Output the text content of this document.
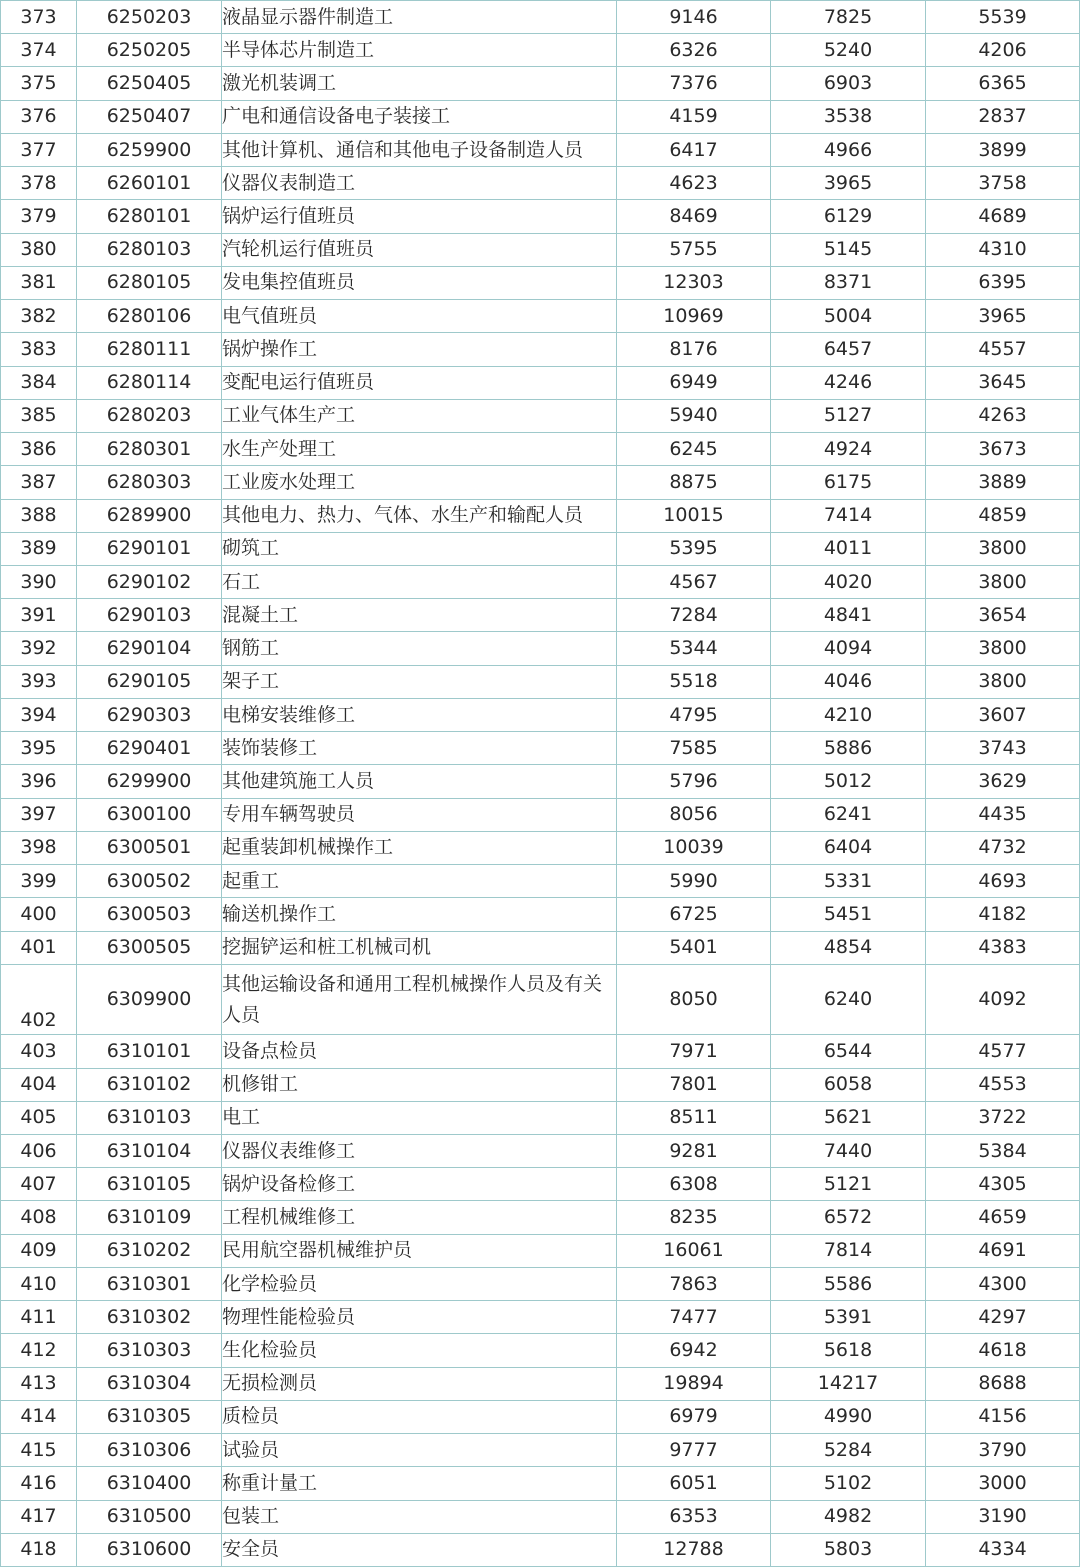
373	6250203	液晶显示器件制造工	9146	7825	5539
374	6250205	半导体芯片制造工	6326	5240	4206
375	6250405	激光机装调工	7376	6903	6365
376	6250407	广电和通信设备电子装接工	4159	3538	2837
377	6259900	其他计算机、通信和其他电子设备制造人员	6417	4966	3899
378	6260101	仪器仪表制造工	4623	3965	3758
379	6280101	锅炉运行值班员	8469	6129	4689
380	6280103	汽轮机运行值班员	5755	5145	4310
381	6280105	发电集控值班员	12303	8371	6395
382	6280106	电气值班员	10969	5004	3965
383	6280111	锅炉操作工	8176	6457	4557
384	6280114	变配电运行值班员	6949	4246	3645
385	6280203	工业气体生产工	5940	5127	4263
386	6280301	水生产处理工	6245	4924	3673
387	6280303	工业废水处理工	8875	6175	3889
388	6289900	其他电力、热力、气体、水生产和输配人员	10015	7414	4859
389	6290101	砌筑工	5395	4011	3800
390	6290102	石工	4567	4020	3800
391	6290103	混凝土工	7284	4841	3654
392	6290104	钢筋工	5344	4094	3800
393	6290105	架子工	5518	4046	3800
394	6290303	电梯安装维修工	4795	4210	3607
395	6290401	装饰装修工	7585	5886	3743
396	6299900	其他建筑施工人员	5796	5012	3629
397	6300100	专用车辆驾驶员	8056	6241	4435
398	6300501	起重装卸机械操作工	10039	6404	4732
399	6300502	起重工	5990	5331	4693
400	6300503	输送机操作工	6725	5451	4182
401	6300505	挖掘铲运和桩工机械司机	5401	4854	4383
402	6309900	其他运输设备和通用工程机械操作人员及有关人员	8050	6240	4092
403	6310101	设备点检员	7971	6544	4577
404	6310102	机修钳工	7801	6058	4553
405	6310103	电工	8511	5621	3722
406	6310104	仪器仪表维修工	9281	7440	5384
407	6310105	锅炉设备检修工	6308	5121	4305
408	6310109	工程机械维修工	8235	6572	4659
409	6310202	民用航空器机械维护员	16061	7814	4691
410	6310301	化学检验员	7863	5586	4300
411	6310302	物理性能检验员	7477	5391	4297
412	6310303	生化检验员	6942	5618	4618
413	6310304	无损检测员	19894	14217	8688
414	6310305	质检员	6979	4990	4156
415	6310306	试验员	9777	5284	3790
416	6310400	称重计量工	6051	5102	3000
417	6310500	包装工	6353	4982	3190
418	6310600	安全员	12788	5803	4334
